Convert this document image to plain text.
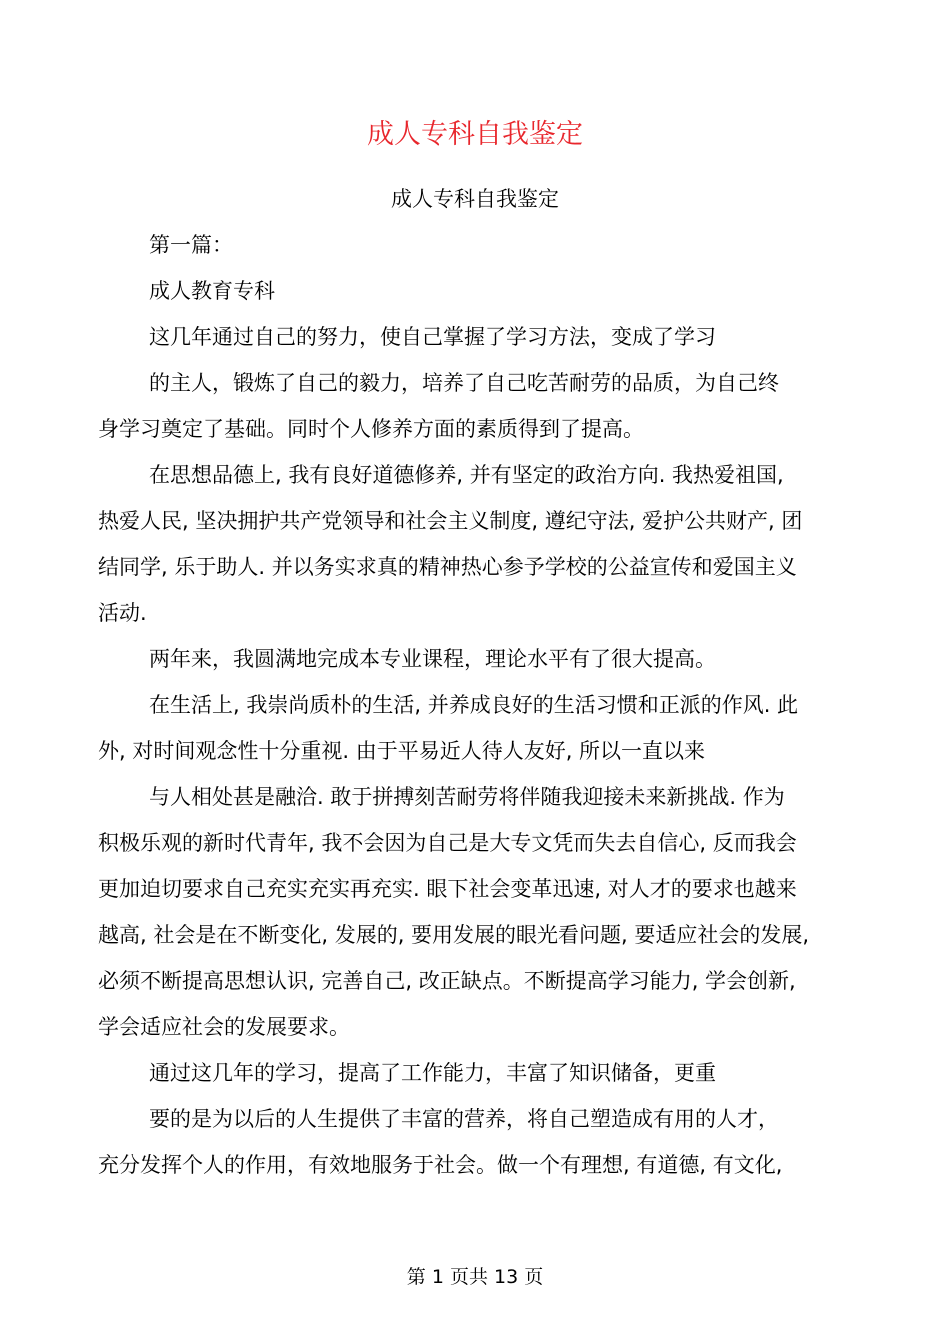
成人专科自我鉴定
成人专科自我鉴定
第一篇：
成人教育专科
这几年通过自己的努力，使自己掌握了学习方法，变成了学习
的主人，锻炼了自己的毅力，培养了自己吃苦耐劳的品质，为自己终
身学习奠定了基础。同时个人修养方面的素质得到了提高。
在思想品德上, 我有良好道德修养, 并有坚定的政治方向. 我热爱祖国,
热爱人民, 坚决拥护共产党领导和社会主义制度, 遵纪守法, 爱护公共财产, 团
结同学, 乐于助人. 并以务实求真的精神热心参予学校的公益宣传和爱国主义
活动.
两年来，我圆满地完成本专业课程，理论水平有了很大提高。
在生活上, 我崇尚质朴的生活, 并养成良好的生活习惯和正派的作风. 此
外, 对时间观念性十分重视. 由于平易近人待人友好, 所以一直以来
与人相处甚是融洽. 敢于拼搏刻苦耐劳将伴随我迎接未来新挑战. 作为
积极乐观的新时代青年, 我不会因为自己是大专文凭而失去自信心, 反而我会
更加迫切要求自己充实充实再充实. 眼下社会变革迅速, 对人才的要求也越来
越高, 社会是在不断变化, 发展的, 要用发展的眼光看问题, 要适应社会的发展,
必须不断提高思想认识, 完善自己, 改正缺点。不断提高学习能力, 学会创新,
学会适应社会的发展要求。
通过这几年的学习，提高了工作能力，丰富了知识储备，更重
要的是为以后的人生提供了丰富的营养，将自己塑造成有用的人才，
充分发挥个人的作用，有效地服务于社会。做一个有理想, 有道德, 有文化,
第 1 页共 13 页
